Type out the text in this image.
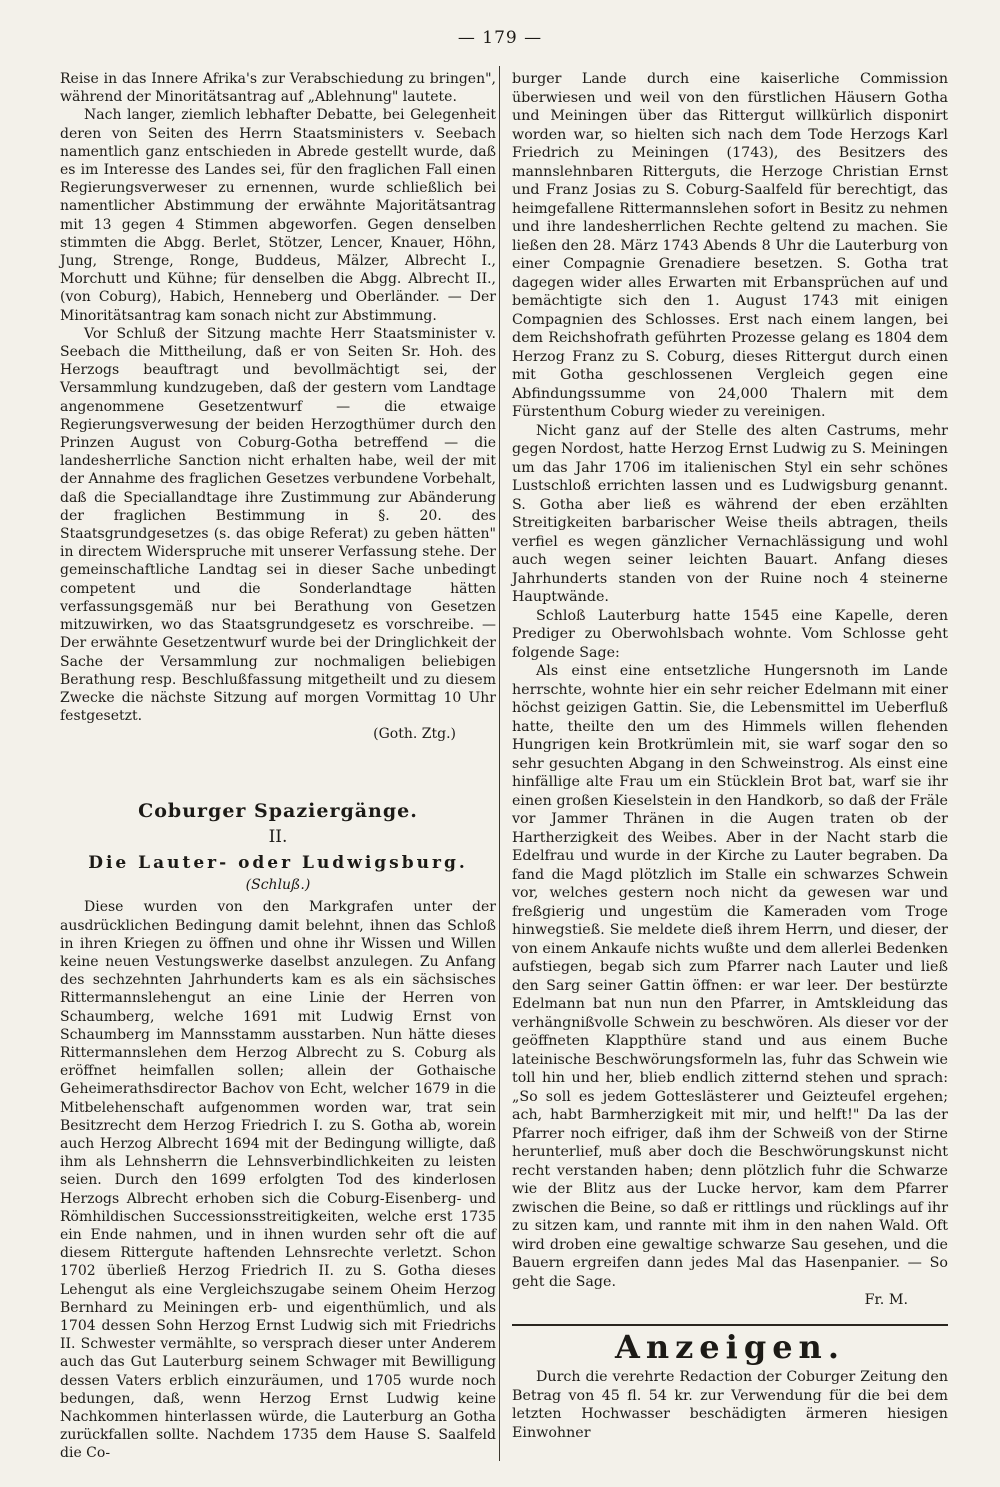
— 179 —

Reise in das Innere Afrika's zur Verabschiedung zu bringen", während der Minoritätsantrag auf „Ablehnung" lautete.

Nach langer, ziemlich lebhafter Debatte, bei Gelegenheit deren von Seiten des Herrn Staatsministers v. Seebach namentlich ganz entschieden in Abrede gestellt wurde, daß es im Interesse des Landes sei, für den fraglichen Fall einen Regierungsverweser zu ernennen, wurde schließlich bei namentlicher Abstimmung der erwähnte Majoritätsantrag mit 13 gegen 4 Stimmen abgeworfen. Gegen denselben stimmten die Abgg. Berlet, Stötzer, Lencer, Knauer, Höhn, Jung, Strenge, Ronge, Buddeus, Mälzer, Albrecht I., Morchutt und Kühne; für denselben die Abgg. Albrecht II., (von Coburg), Habich, Henneberg und Oberländer. — Der Minoritätsantrag kam sonach nicht zur Abstimmung.

Vor Schluß der Sitzung machte Herr Staatsminister v. Seebach die Mittheilung, daß er von Seiten Sr. Hoh. des Herzogs beauftragt und bevollmächtigt sei, der Versammlung kundzugeben, daß der gestern vom Landtage angenommene Gesetzentwurf — die etwaige Regierungsverwesung der beiden Herzogthümer durch den Prinzen August von Coburg-Gotha betreffend — die landesherrliche Sanction nicht erhalten habe, weil der mit der Annahme des fraglichen Gesetzes verbundene Vorbehalt, daß die Speciallandtage ihre Zustimmung zur Abänderung der fraglichen Bestimmung in §. 20. des Staatsgrundgesetzes (s. das obige Referat) zu geben hätten" in directem Widerspruche mit unserer Verfassung stehe. Der gemeinschaftliche Landtag sei in dieser Sache unbedingt competent und die Sonderlandtage hätten verfassungsgemäß nur bei Berathung von Gesetzen mitzuwirken, wo das Staatsgrundgesetz es vorschreibe. — Der erwähnte Gesetzentwurf wurde bei der Dringlichkeit der Sache der Versammlung zur nochmaligen beliebigen Berathung resp. Beschlußfassung mitgetheilt und zu diesem Zwecke die nächste Sitzung auf morgen Vormittag 10 Uhr festgesetzt.

(Goth. Ztg.)
Coburger Spaziergänge.
II.
Die Lauter- oder Ludwigsburg.
(Schluß.)

Diese wurden von den Markgrafen unter der ausdrücklichen Bedingung damit belehnt, ihnen das Schloß in ihren Kriegen zu öffnen und ohne ihr Wissen und Willen keine neuen Vestungswerke daselbst anzulegen. Zu Anfang des sechzehnten Jahrhunderts kam es als ein sächsisches Rittermannslehengut an eine Linie der Herren von Schaumberg, welche 1691 mit Ludwig Ernst von Schaumberg im Mannsstamm ausstarben. Nun hätte dieses Rittermannslehen dem Herzog Albrecht zu S. Coburg als eröffnet heimfallen sollen; allein der Gothaische Geheimerathsdirector Bachov von Echt, welcher 1679 in die Mitbelehenschaft aufgenommen worden war, trat sein Besitzrecht dem Herzog Friedrich I. zu S. Gotha ab, worein auch Herzog Albrecht 1694 mit der Bedingung willigte, daß ihm als Lehnsherrn die Lehnsverbindlichkeiten zu leisten seien. Durch den 1699 erfolgten Tod des kinderlosen Herzogs Albrecht erhoben sich die Coburg-Eisenberg- und Römhildischen Successionsstreitigkeiten, welche erst 1735 ein Ende nahmen, und in ihnen wurden sehr oft die auf diesem Rittergute haftenden Lehnsrechte verletzt. Schon 1702 überließ Herzog Friedrich II. zu S. Gotha dieses Lehengut als eine Vergleichszugabe seinem Oheim Herzog Bernhard zu Meiningen erb- und eigenthümlich, und als 1704 dessen Sohn Herzog Ernst Ludwig sich mit Friedrichs II. Schwester vermählte, so versprach dieser unter Anderem auch das Gut Lauterburg seinem Schwager mit Bewilligung dessen Vaters erblich einzuräumen, und 1705 wurde noch bedungen, daß, wenn Herzog Ernst Ludwig keine Nachkommen hinterlassen würde, die Lauterburg an Gotha zurückfallen sollte. Nachdem 1735 dem Hause S. Saalfeld die Co-

burger Lande durch eine kaiserliche Commission überwiesen und weil von den fürstlichen Häusern Gotha und Meiningen über das Rittergut willkürlich disponirt worden war, so hielten sich nach dem Tode Herzogs Karl Friedrich zu Meiningen (1743), des Besitzers des mannslehnbaren Ritterguts, die Herzoge Christian Ernst und Franz Josias zu S. Coburg-Saalfeld für berechtigt, das heimgefallene Rittermannslehen sofort in Besitz zu nehmen und ihre landesherrlichen Rechte geltend zu machen. Sie ließen den 28. März 1743 Abends 8 Uhr die Lauterburg von einer Compagnie Grenadiere besetzen. S. Gotha trat dagegen wider alles Erwarten mit Erbansprüchen auf und bemächtigte sich den 1. August 1743 mit einigen Compagnien des Schlosses. Erst nach einem langen, bei dem Reichshofrath geführten Prozesse gelang es 1804 dem Herzog Franz zu S. Coburg, dieses Rittergut durch einen mit Gotha geschlossenen Vergleich gegen eine Abfindungssumme von 24,000 Thalern mit dem Fürstenthum Coburg wieder zu vereinigen.

Nicht ganz auf der Stelle des alten Castrums, mehr gegen Nordost, hatte Herzog Ernst Ludwig zu S. Meiningen um das Jahr 1706 im italienischen Styl ein sehr schönes Lustschloß errichten lassen und es Ludwigsburg genannt. S. Gotha aber ließ es während der eben erzählten Streitigkeiten barbarischer Weise theils abtragen, theils verfiel es wegen gänzlicher Vernachlässigung und wohl auch wegen seiner leichten Bauart. Anfang dieses Jahrhunderts standen von der Ruine noch 4 steinerne Hauptwände.

Schloß Lauterburg hatte 1545 eine Kapelle, deren Prediger zu Oberwohlsbach wohnte. Vom Schlosse geht folgende Sage:

Als einst eine entsetzliche Hungersnoth im Lande herrschte, wohnte hier ein sehr reicher Edelmann mit einer höchst geizigen Gattin. Sie, die Lebensmittel im Ueberfluß hatte, theilte den um des Himmels willen flehenden Hungrigen kein Brotkrümlein mit, sie warf sogar den so sehr gesuchten Abgang in den Schweinstrog. Als einst eine hinfällige alte Frau um ein Stücklein Brot bat, warf sie ihr einen großen Kieselstein in den Handkorb, so daß der Fräle vor Jammer Thränen in die Augen traten ob der Hartherzigkeit des Weibes. Aber in der Nacht starb die Edelfrau und wurde in der Kirche zu Lauter begraben. Da fand die Magd plötzlich im Stalle ein schwarzes Schwein vor, welches gestern noch nicht da gewesen war und freßgierig und ungestüm die Kameraden vom Troge hinwegstieß. Sie meldete dieß ihrem Herrn, und dieser, der von einem Ankaufe nichts wußte und dem allerlei Bedenken aufstiegen, begab sich zum Pfarrer nach Lauter und ließ den Sarg seiner Gattin öffnen: er war leer. Der bestürzte Edelmann bat nun nun den Pfarrer, in Amtskleidung das verhängnißvolle Schwein zu beschwören. Als dieser vor der geöffneten Klappthüre stand und aus einem Buche lateinische Beschwörungsformeln las, fuhr das Schwein wie toll hin und her, blieb endlich zitternd stehen und sprach: „So soll es jedem Gotteslästerer und Geizteufel ergehen; ach, habt Barmherzigkeit mit mir, und helft!" Da las der Pfarrer noch eifriger, daß ihm der Schweiß von der Stirne herunterlief, muß aber doch die Beschwörungskunst nicht recht verstanden haben; denn plötzlich fuhr die Schwarze wie der Blitz aus der Lucke hervor, kam dem Pfarrer zwischen die Beine, so daß er rittlings und rücklings auf ihr zu sitzen kam, und rannte mit ihm in den nahen Wald. Oft wird droben eine gewaltige schwarze Sau gesehen, und die Bauern ergreifen dann jedes Mal das Hasenpanier. — So geht die Sage.

Fr. M.
Anzeigen.

Durch die verehrte Redaction der Coburger Zeitung den Betrag von 45 fl. 54 kr. zur Verwendung für die bei dem letzten Hochwasser beschädigten ärmeren hiesigen Einwohner
